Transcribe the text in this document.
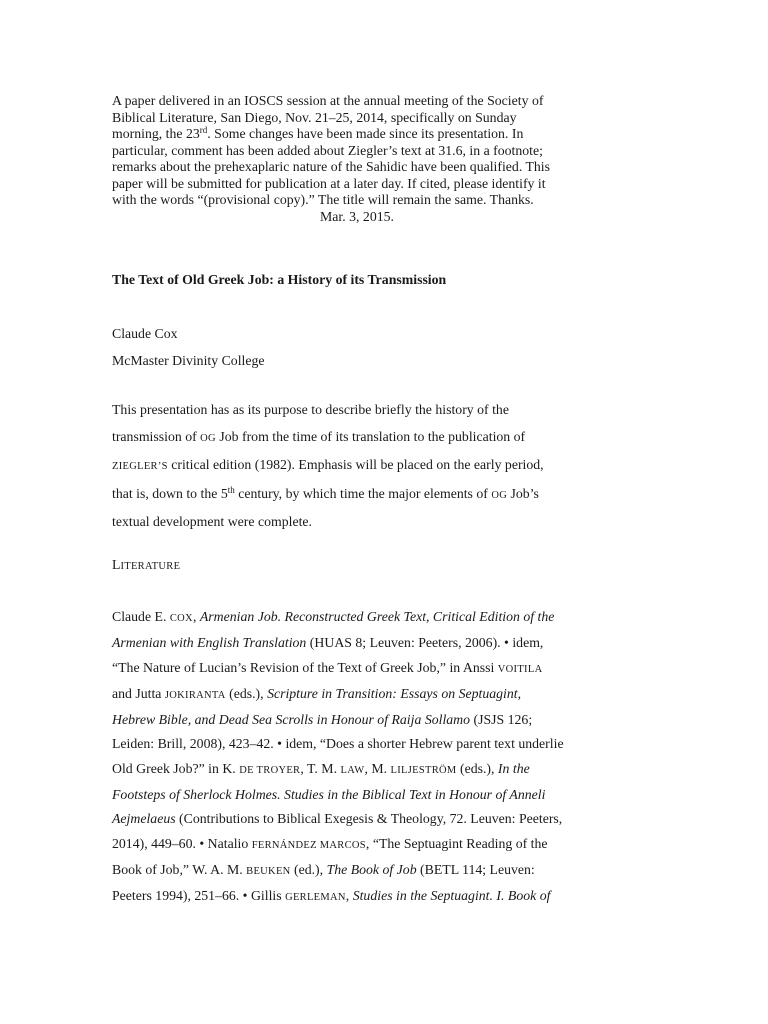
A paper delivered in an IOSCS session at the annual meeting of the Society of
Biblical Literature, San Diego, Nov. 21–25, 2014, specifically on Sunday
morning, the 23rd. Some changes have been made since its presentation. In
particular, comment has been added about Ziegler’s text at 31.6, in a footnote;
remarks about the prehexaplaric nature of the Sahidic have been qualified. This
paper will be submitted for publication at a later day. If cited, please identify it
with the words “(provisional copy).” The title will remain the same. Thanks.
Mar. 3, 2015.
The Text of Old Greek Job: a History of its Transmission
Claude Cox
McMaster Divinity College
This presentation has as its purpose to describe briefly the history of the
transmission of OG Job from the time of its translation to the publication of
ZIEGLER’S critical edition (1982). Emphasis will be placed on the early period,
that is, down to the 5th century, by which time the major elements of OG Job’s
textual development were complete.
LITERATURE
Claude E. COX, Armenian Job. Reconstructed Greek Text, Critical Edition of the
Armenian with English Translation (HUAS 8; Leuven: Peeters, 2006). • idem,
“The Nature of Lucian’s Revision of the Text of Greek Job,” in Anssi VOITILA
and Jutta JOKIRANTA (eds.), Scripture in Transition: Essays on Septuagint,
Hebrew Bible, and Dead Sea Scrolls in Honour of Raija Sollamo (JSJS 126;
Leiden: Brill, 2008), 423–42. • idem, “Does a shorter Hebrew parent text underlie
Old Greek Job?” in K. DE TROYER, T. M. LAW, M. LILJESTRÖM (eds.), In the
Footsteps of Sherlock Holmes. Studies in the Biblical Text in Honour of Anneli
Aejmelaeus (Contributions to Biblical Exegesis & Theology, 72. Leuven: Peeters,
2014), 449–60. • Natalio FERNÁNDEZ MARCOS, “The Septuagint Reading of the
Book of Job,” W. A. M. BEUKEN (ed.), The Book of Job (BETL 114; Leuven:
Peeters 1994), 251–66. • Gillis GERLEMAN, Studies in the Septuagint. I. Book of
